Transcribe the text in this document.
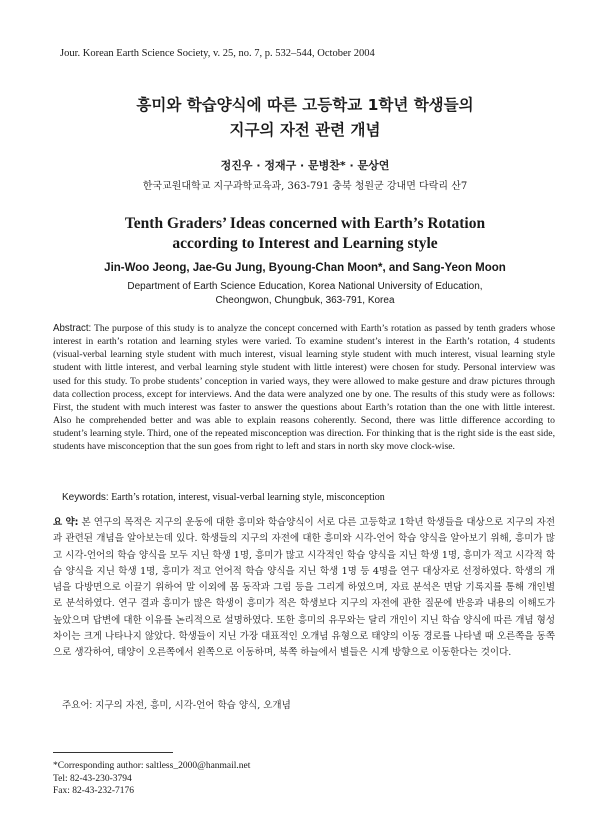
Jour. Korean Earth Science Society, v. 25, no. 7, p. 532–544, October 2004
흥미와 학습양식에 따른 고등학교 1학년 학생들의
지구의 자전 관련 개념
정진우 · 정재구 · 문병찬* · 문상연
한국교원대학교 지구과학교육과, 363-791 충북 청원군 강내면 다락리 산7
Tenth Graders’ Ideas concerned with Earth’s Rotation
according to Interest and Learning style
Jin-Woo Jeong, Jae-Gu Jung, Byoung-Chan Moon*, and Sang-Yeon Moon
Department of Earth Science Education, Korea National University of Education,
Cheongwon, Chungbuk, 363-791, Korea
Abstract: The purpose of this study is to analyze the concept concerned with Earth’s rotation as passed by tenth graders whose interest in earth’s rotation and learning styles were varied. To examine student’s interest in the Earth’s rotation, 4 students (visual-verbal learning style student with much interest, visual learning style student with much interest, visual learning style student with little interest, and verbal learning style student with little interest) were chosen for study. Personal interview was used for this study. To probe students’ conception in varied ways, they were allowed to make gesture and draw pictures through data collection process, except for interviews. And the data were analyzed one by one. The results of this study were as follows: First, the student with much interest was faster to answer the questions about Earth’s rotation than the one with little interest. Also he comprehended better and was able to explain reasons coherently. Second, there was little difference according to student’s learning style. Third, one of the repeated misconception was direction. For thinking that is the right side is the east side, students have misconception that the sun goes from right to left and stars in north sky move clock-wise.
Keywords: Earth’s rotation, interest, visual-verbal learning style, misconception
요 약: 본 연구의 목적은 지구의 운동에 대한 흥미와 학습양식이 서로 다른 고등학교 1학년 학생들을 대상으로 지구의 자전과 관련된 개념을 알아보는데 있다. 학생들의 지구의 자전에 대한 흥미와 시각-언어 학습 양식을 알아보기 위해, 흥미가 많고 시각-언어의 학습 양식을 모두 지닌 학생 1명, 흥미가 많고 시각적인 학습 양식을 지닌 학생 1명, 흥미가 적고 시각적 학습 양식을 지닌 학생 1명, 흥미가 적고 언어적 학습 양식을 지닌 학생 1명 등 4명을 연구 대상자로 선정하였다. 학생의 개념을 다방면으로 이끌기 위하여 말 이외에 몸 동작과 그림 등을 그리게 하였으며, 자료 분석은 면담 기록지를 통해 개인별로 분석하였다. 연구 결과 흥미가 많은 학생이 흥미가 적은 학생보다 지구의 자전에 관한 질문에 반응과 내용의 이해도가 높았으며 답변에 대한 이유를 논리적으로 설명하였다. 또한 흥미의 유무와는 달리 개인이 지닌 학습 양식에 따른 개념 형성 차이는 크게 나타나지 않았다. 학생들이 지닌 가장 대표적인 오개념 유형으로 태양의 이동 경로를 나타낼 때 오른쪽을 동쪽으로 생각하여, 태양이 오른쪽에서 왼쪽으로 이동하며, 북쪽 하늘에서 별들은 시계 방향으로 이동한다는 것이다.
주요어: 지구의 자전, 흥미, 시각-언어 학습 양식, 오개념
*Corresponding author: saltless_2000@hanmail.net
Tel: 82-43-230-3794
Fax: 82-43-232-7176
